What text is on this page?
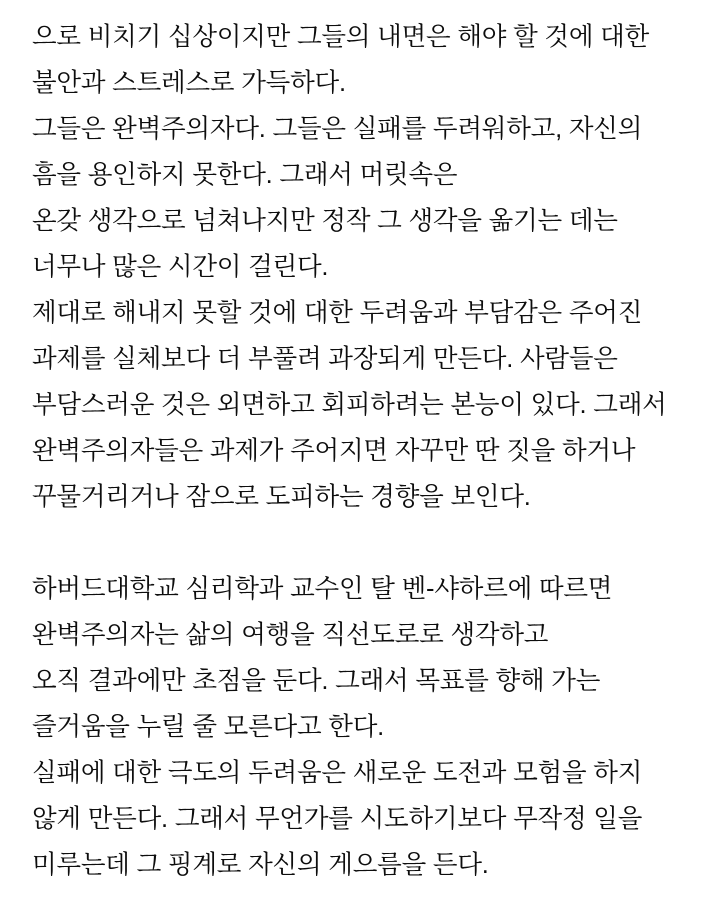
으로 비치기 십상이지만 그들의 내면은 해야 할 것에 대한 불안과 스트레스로 가득하다.

그들은 완벽주의자다. 그들은 실패를 두려워하고, 자신의 흠을 용인하지 못한다. 그래서 머릿속은

온갖 생각으로 넘쳐나지만 정작 그 생각을 옮기는 데는 너무나 많은 시간이 걸린다.

제대로 해내지 못할 것에 대한 두려움과 부담감은 주어진 과제를 실체보다 더 부풀려 과장되게 만든다. 사람들은 부담스러운 것은 외면하고 회피하려는 본능이 있다. 그래서 완벽주의자들은 과제가 주어지면 자꾸만 딴 짓을 하거나 꾸물거리거나 잠으로 도피하는 경향을 보인다.

하버드대학교 심리학과 교수인 탈 벤-샤하르에 따르면 완벽주의자는 삶의 여행을 직선도로로 생각하고

오직 결과에만 초점을 둔다. 그래서 목표를 향해 가는 즐거움을 누릴 줄 모른다고 한다.

실패에 대한 극도의 두려움은 새로운 도전과 모험을 하지 않게 만든다. 그래서 무언가를 시도하기보다 무작정 일을 미루는데 그 핑계로 자신의 게으름을 든다.
